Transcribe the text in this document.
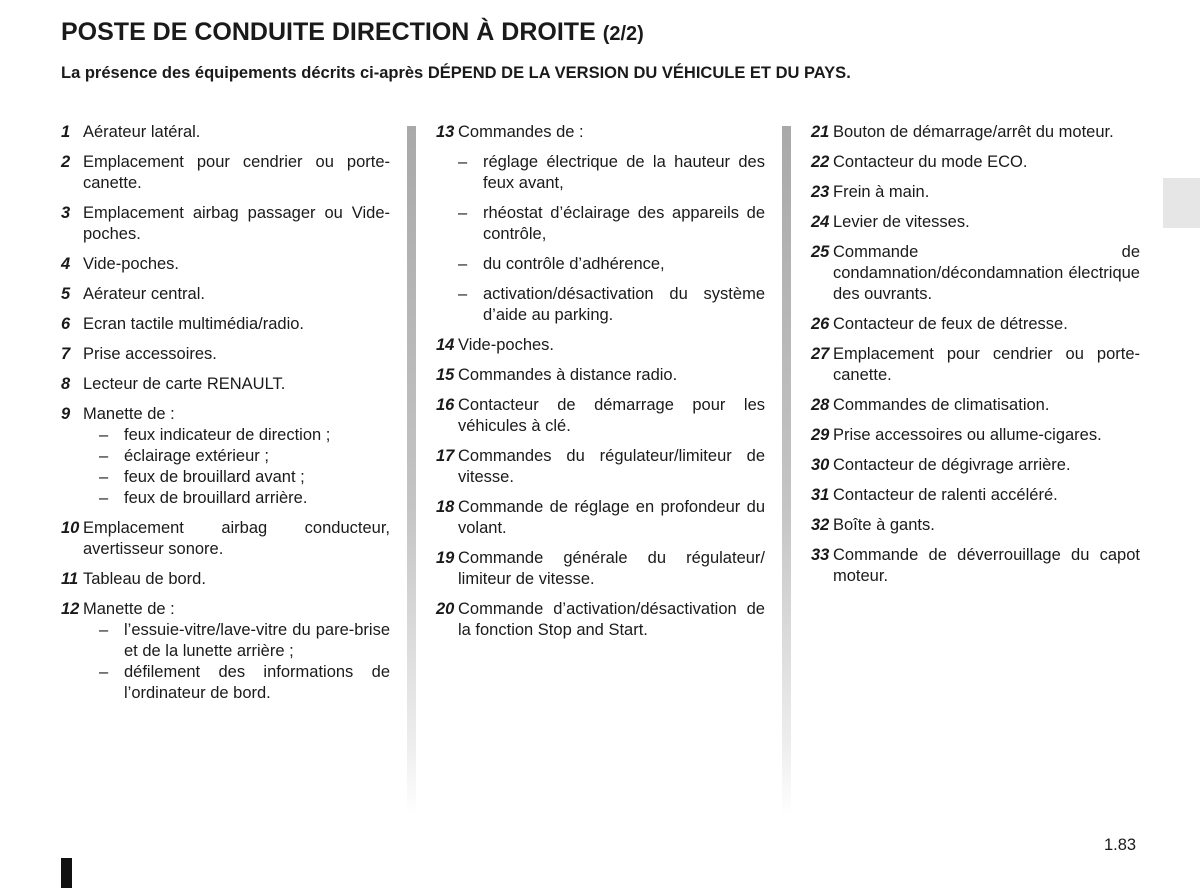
POSTE DE CONDUITE DIRECTION À DROITE (2/2)
La présence des équipements décrits ci-après DÉPEND DE LA VERSION DU VÉHICULE ET DU PAYS.
1 Aérateur latéral.
2 Emplacement pour cendrier ou porte-canette.
3 Emplacement airbag passager ou Vide-poches.
4 Vide-poches.
5 Aérateur central.
6 Ecran tactile multimédia/radio.
7 Prise accessoires.
8 Lecteur de carte RENAULT.
9 Manette de :
– feux indicateur de direction ;
– éclairage extérieur ;
– feux de brouillard avant ;
– feux de brouillard arrière.
10 Emplacement airbag conducteur, avertisseur sonore.
11 Tableau de bord.
12 Manette de :
– l’essuie-vitre/lave-vitre du pare-brise et de la lunette arrière ;
– défilement des informations de l’ordinateur de bord.
13 Commandes de :
– réglage électrique de la hauteur des feux avant,
– rhéostat d’éclairage des appareils de contrôle,
– du contrôle d’adhérence,
– activation/désactivation du système d’aide au parking.
14 Vide-poches.
15 Commandes à distance radio.
16 Contacteur de démarrage pour les véhicules à clé.
17 Commandes du régulateur/limiteur de vitesse.
18 Commande de réglage en profondeur du volant.
19 Commande générale du régulateur/ limiteur de vitesse.
20 Commande d’activation/désactivation de la fonction Stop and Start.
21 Bouton de démarrage/arrêt du moteur.
22 Contacteur du mode ECO.
23 Frein à main.
24 Levier de vitesses.
25 Commande de condamnation/décondamnation électrique des ouvrants.
26 Contacteur de feux de détresse.
27 Emplacement pour cendrier ou porte-canette.
28 Commandes de climatisation.
29 Prise accessoires ou allume-cigares.
30 Contacteur de dégivrage arrière.
31 Contacteur de ralenti accéléré.
32 Boîte à gants.
33 Commande de déverrouillage du capot moteur.
1.83
